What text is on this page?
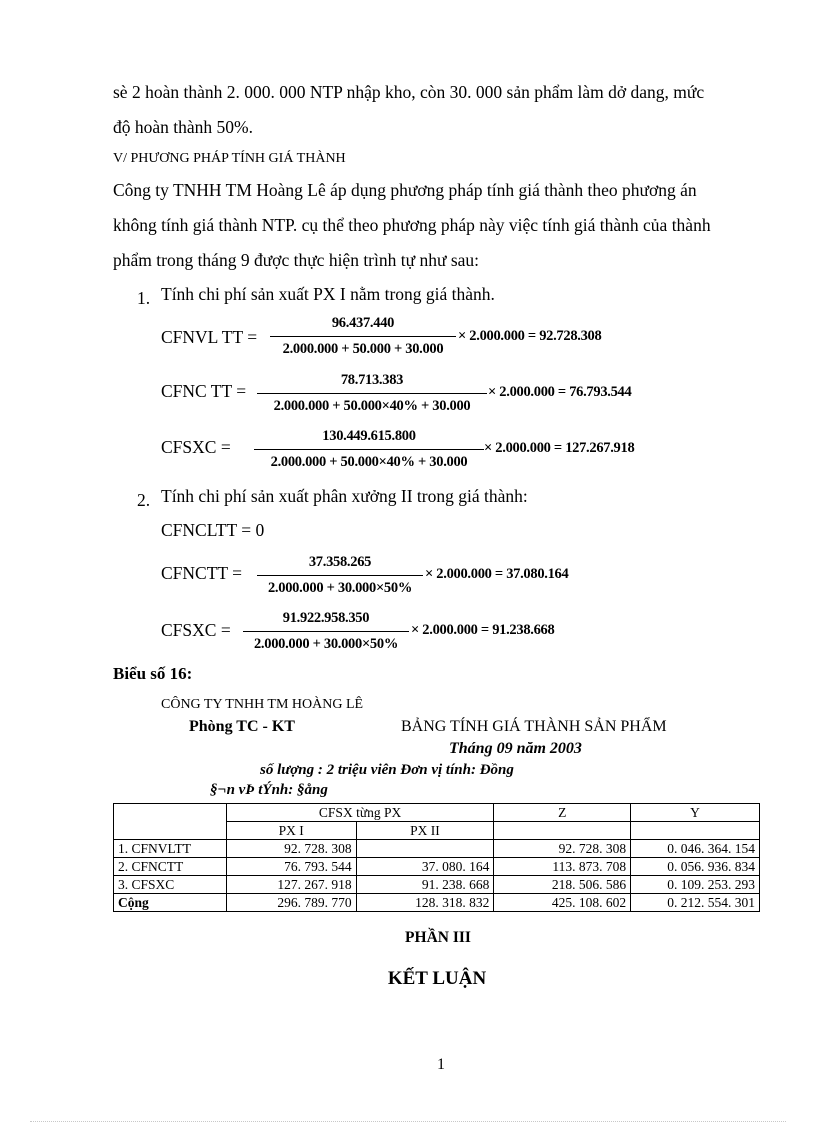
sè 2 hoàn thành 2. 000. 000 NTP nhập kho, còn 30. 000 sản phẩm làm dở dang, mức
độ hoàn thành 50%.
V/ PHƯƠNG PHÁP TÍNH GIÁ THÀNH
Công ty TNHH TM Hoàng Lê áp dụng phương pháp tính giá thành theo phương án
không tính giá thành NTP. cụ thể theo phương pháp này việc tính giá thành của thành
phẩm trong tháng 9 được thực hiện trình tự như sau:
1. Tính chi phí sản xuất PX I nằm trong giá thành.
CFNVL TT =
96.437.440
2.000.000 + 50.000 + 30.000
× 2.000.000 = 92.728.308
CFNC TT =
78.713.383
2.000.000 + 50.000×40% + 30.000
× 2.000.000 = 76.793.544
CFSXC =
130.449.615.800
2.000.000 + 50.000×40% + 30.000
× 2.000.000 = 127.267.918
2. Tính chi phí sản xuất phân xưởng II trong giá thành:
CFNCLTT = 0
CFNCTT =
37.358.265
2.000.000 + 30.000×50%
× 2.000.000 = 37.080.164
CFSXC =
91.922.958.350
2.000.000 + 30.000×50%
× 2.000.000 = 91.238.668
Biểu số 16:
CÔNG TY TNHH TM HOÀNG LÊ
Phòng TC - KT	BẢNG TÍNH GIÁ THÀNH SẢN PHẨM
Tháng 09 năm 2003
số lượng : 2 triệu viên Đơn vị tính: Đồng
§¬n vÞ tÝnh: §ång
	CFSX từng PX		Z	Y
	PX I	PX II		
1. CFNVLTT	92. 728. 308		92. 728. 308	0. 046. 364. 154
2. CFNCTT	76. 793. 544	37. 080. 164	113. 873. 708	0. 056. 936. 834
3. CFSXC	127. 267. 918	91. 238. 668	218. 506. 586	0. 109. 253. 293
Cộng	296. 789. 770	128. 318. 832	425. 108. 602	0. 212. 554. 301
PHẦN III
KẾT LUẬN
1
